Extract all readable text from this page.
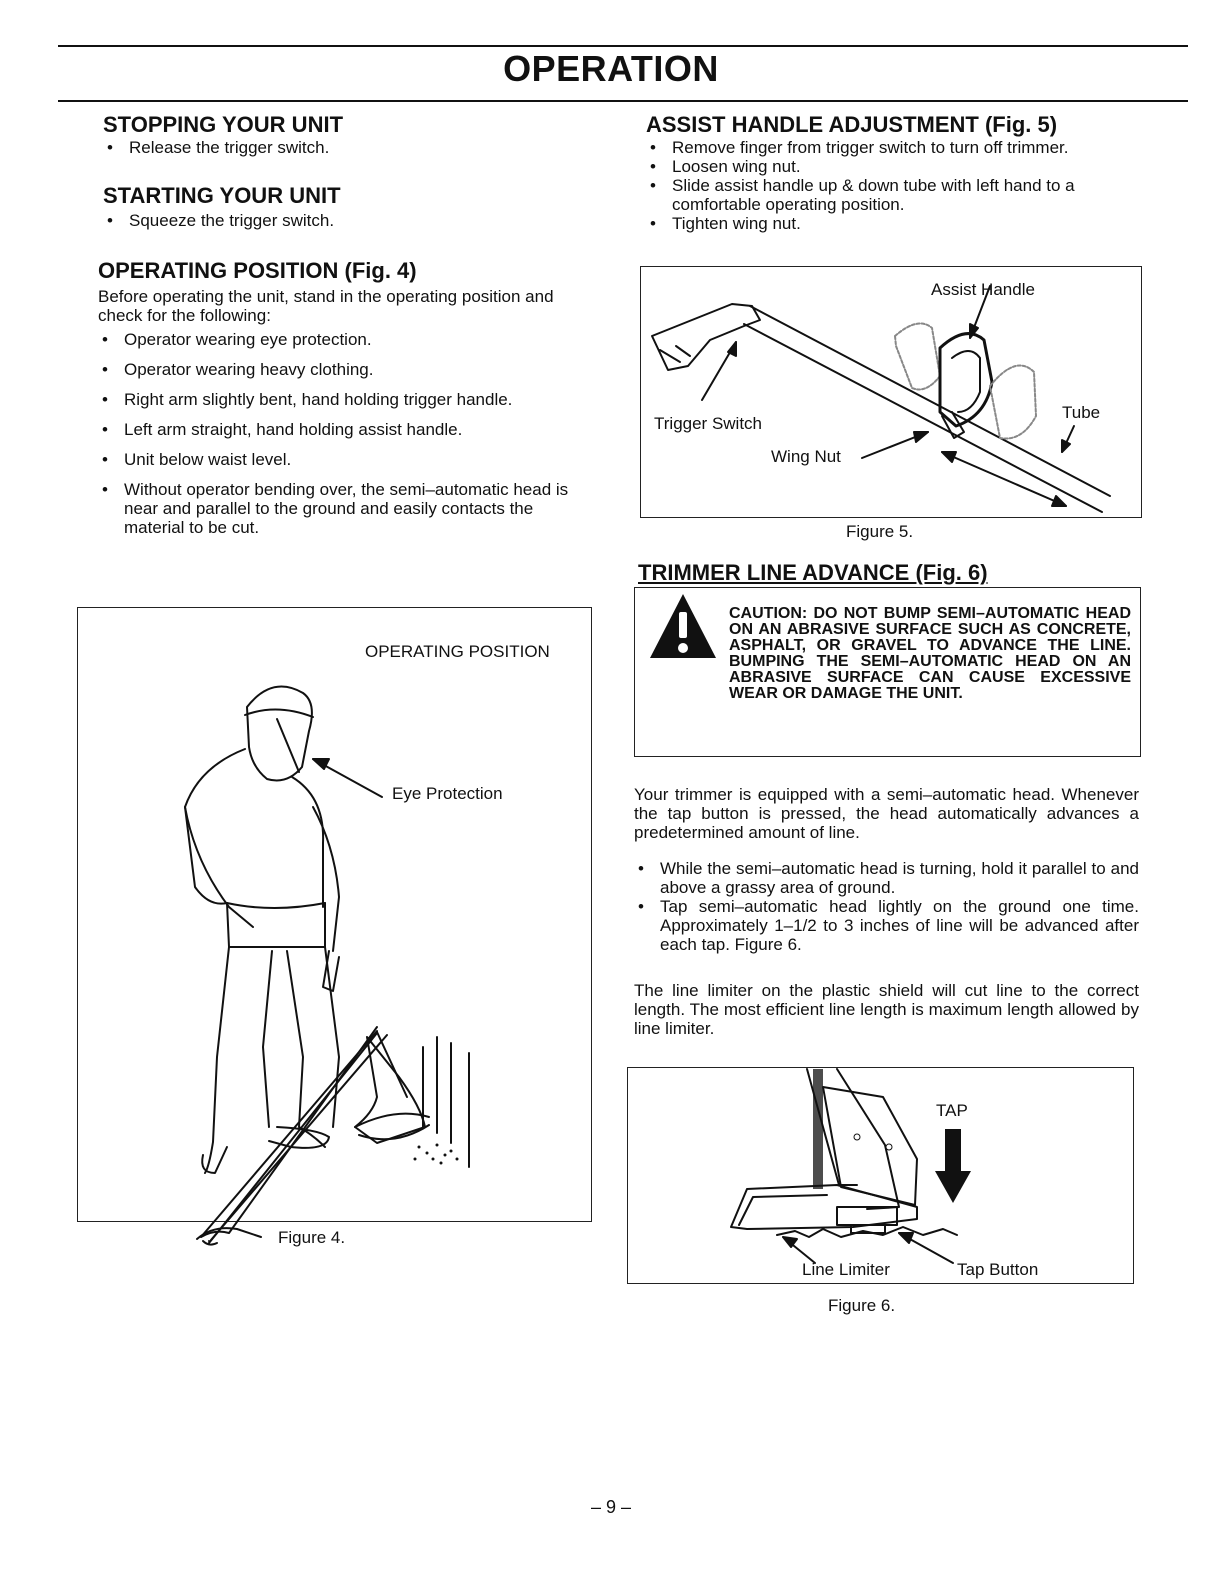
OPERATION
STOPPING YOUR UNIT
• Release the trigger switch.
STARTING YOUR UNIT
• Squeeze the trigger switch.
OPERATING POSITION (Fig. 4)
Before operating the unit, stand in the operating position and check for the following:
• Operator wearing eye protection.
• Operator wearing heavy clothing.
• Right arm slightly bent, hand holding trigger handle.
• Left arm straight, hand holding assist handle.
• Unit below waist level.
• Without operator bending over, the semi–automatic head is near and parallel to the ground and easily contacts the material to be cut.
OPERATING POSITION
Eye Protection
Figure 4.
ASSIST HANDLE ADJUSTMENT (Fig. 5)
• Remove finger from trigger switch to turn off trimmer.
• Loosen wing nut.
• Slide assist handle up & down tube with left hand to a comfortable operating position.
• Tighten wing nut.
Assist Handle
Trigger Switch
Tube
Wing Nut
Figure 5.
TRIMMER LINE ADVANCE (Fig. 6)
CAUTION: DO NOT BUMP SEMI–AUTOMATIC HEAD ON AN ABRASIVE SURFACE SUCH AS CONCRETE, ASPHALT, OR GRAVEL TO ADVANCE THE LINE. BUMPING THE SEMI–AUTOMATIC HEAD ON AN ABRASIVE SURFACE CAN CAUSE EXCESSIVE WEAR OR DAMAGE THE UNIT.
Your trimmer is equipped with a semi–automatic head. Whenever the tap button is pressed, the head automatically advances a predetermined amount of line.
• While the semi–automatic head is turning, hold it parallel to and above a grassy area of ground.
• Tap semi–automatic head lightly on the ground one time. Approximately 1–1/2 to 3 inches of line will be advanced after each tap. Figure 6.
The line limiter on the plastic shield will cut line to the correct length. The most efficient line length is maximum length allowed by line limiter.
TAP
Line Limiter	Tap Button
Figure 6.
– 9 –
